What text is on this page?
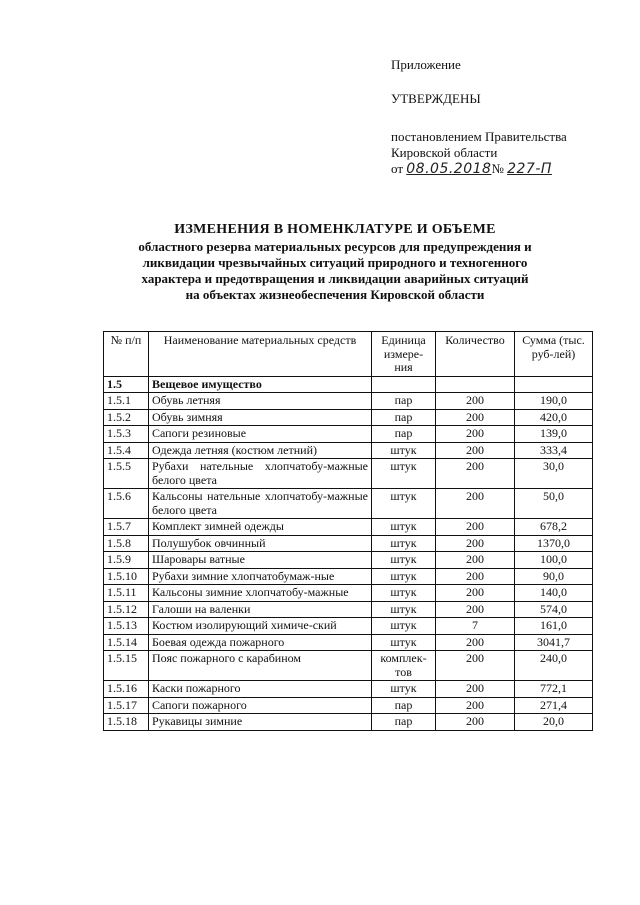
Приложение
УТВЕРЖДЕНЫ
постановлением Правительства
Кировской области
от 08.05.2018№ 227-П
ИЗМЕНЕНИЯ В НОМЕНКЛАТУРЕ И ОБЪЕМЕ
областного резерва материальных ресурсов для предупреждения и
ликвидации чрезвычайных ситуаций природного и техногенного
характера и предотвращения и ликвидации аварийных ситуаций
на объектах жизнеобеспечения Кировской области
№ п/п	Наименование материальных средств	Единица измере-ния	Количество	Сумма (тыс. руб-лей)
1.5	Вещевое имущество			
1.5.1	Обувь летняя	пар	200	190,0
1.5.2	Обувь зимняя	пар	200	420,0
1.5.3	Сапоги резиновые	пар	200	139,0
1.5.4	Одежда летняя (костюм летний)	штук	200	333,4
1.5.5	Рубахи нательные хлопчатобу-мажные белого цвета	штук	200	30,0
1.5.6	Кальсоны нательные хлопчатобу-мажные белого цвета	штук	200	50,0
1.5.7	Комплект зимней одежды	штук	200	678,2
1.5.8	Полушубок овчинный	штук	200	1370,0
1.5.9	Шаровары ватные	штук	200	100,0
1.5.10	Рубахи зимние хлопчатобумаж-ные	штук	200	90,0
1.5.11	Кальсоны зимние хлопчатобу-мажные	штук	200	140,0
1.5.12	Галоши на валенки	штук	200	574,0
1.5.13	Костюм изолирующий химиче-ский	штук	7	161,0
1.5.14	Боевая одежда пожарного	штук	200	3041,7
1.5.15	Пояс пожарного с карабином	комплек-тов	200	240,0
1.5.16	Каски пожарного	штук	200	772,1
1.5.17	Сапоги пожарного	пар	200	271,4
1.5.18	Рукавицы зимние	пар	200	20,0
